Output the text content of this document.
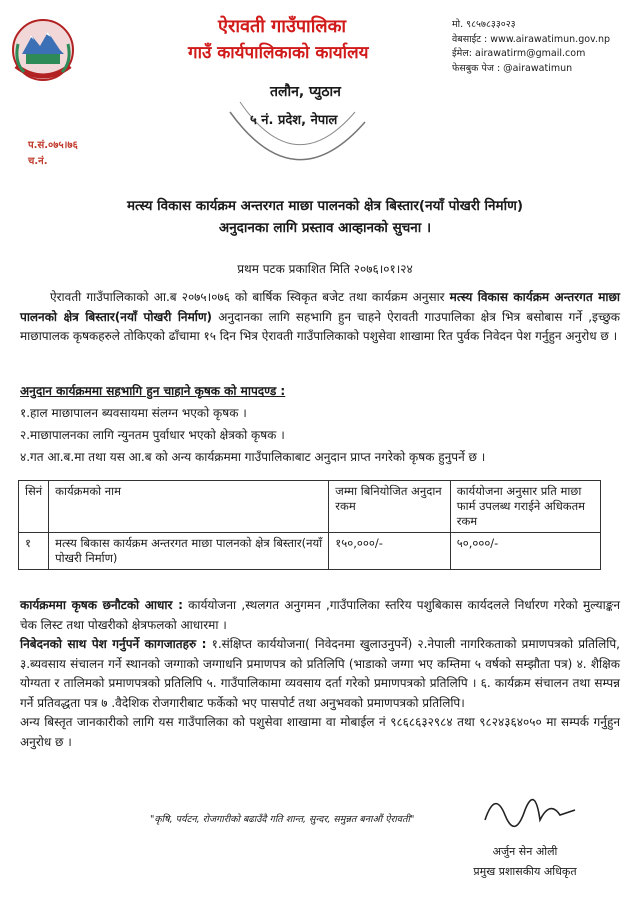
ऐरावती गाउँपालिका
गाउँ कार्यपालिकाको कार्यालय
तलौन, प्युठान
५ नं. प्रदेश, नेपाल
मो. ९८५७८३३०२३
वेबसाईट : www.airawatimun.gov.np
ईमेल: airawatirm@gmail.com
फेसबुक पेज : @airawatimun
प.सं.०७५।७६
च.नं.
मत्स्य विकास कार्यक्रम अन्तरगत माछा पालनको क्षेत्र बिस्तार(नयाँ पोखरी निर्माण)
अनुदानका लागि प्रस्ताव आव्हानको सुचना ।
प्रथम पटक प्रकाशित मिति २०७६।०१।२४
ऐरावती गाउँपालिकाको आ.ब २०७५।०७६ को बार्षिक स्विकृत बजेट तथा कार्यक्रम अनुसार मत्स्य विकास कार्यक्रम अन्तरगत माछा पालनको क्षेत्र बिस्तार(नयाँ पोखरी निर्माण) अनुदानका लागि सहभागि हुन चाहने ऐरावती गाउपालिका क्षेत्र भित्र बसोबास गर्ने ,इच्छुक माछापालक कृषकहरुले तोकिएको ढाँचामा १५ दिन भित्र ऐरावती गाउँपालिकाको पशुसेवा शाखामा रित पुर्वक निवेदन पेश गर्नुहुन अनुरोध छ ।
अनुदान कार्यक्रममा सहभागि हुन चाहाने कृषक को मापदण्ड :
१.हाल माछापालन ब्यवसायमा संलग्न भएको कृषक ।
२.माछापालनका लागि न्युनतम पुर्वाधार भएको क्षेत्रको कृषक ।
४.गत आ.ब.मा तथा यस आ.ब को अन्य कार्यक्रममा गाउँपालिकाबाट अनुदान प्राप्त नगरेको कृषक हुनुपर्ने छ ।
सिनं	कार्यक्रमको नाम	जम्मा बिनियोजित अनुदान रकम	कार्ययोजना अनुसार प्रति माछा फार्म उपलब्ध गराईने अधिकतम रकम
१	मत्स्य बिकास कार्यक्रम अन्तरगत माछा पालनको क्षेत्र बिस्तार(नयाँ पोखरी निर्माण)	१५०,०००/-	५०,०००/-
कार्यक्रममा कृषक छनौटको आधार : कार्ययोजना ,स्थलगत अनुगमन ,गाउँपालिका स्तरिय पशुबिकास कार्यदलले निर्धारण गरेको मुल्याङ्कन चेक लिस्ट तथा पोखरीको क्षेत्रफलको आधारमा ।
निबेदनको साथ पेश गर्नुपर्ने कागजातहरु : १.संक्षिप्त कार्ययोजना( निवेदनमा खुलाउनुपर्ने) २.नेपाली नागरिकताको प्रमाणपत्रको प्रतिलिपि, ३.ब्यवसाय संचालन गर्ने स्थानको जग्गाको जग्गाधनि प्रमाणपत्र को प्रतिलिपि (भाडाको जग्गा भए कम्तिमा ५ वर्षको सम्झौता पत्र) ४. शैक्षिक योग्यता र तालिमको प्रमाणपत्रको प्रतिलिपि ५. गाउँपालिकामा व्यवसाय दर्ता गरेको प्रमाणपत्रको प्रतिलिपि । ६. कार्यक्रम संचालन तथा सम्पन्न गर्ने प्रतिवद्धता पत्र ७ .वैदेशिक रोजगारीबाट फर्केको भए पासपोर्ट तथा अनुभवको प्रमाणपत्रको प्रतिलिपि।
अन्य बिस्तृत जानकारीको लागि यस गाउँपालिका को पशुसेवा शाखामा वा मोबाईल नं ९८६८६३२९८४ तथा ९८२४३६४०५० मा सम्पर्क गर्नुहुन अनुरोध छ ।
"कृषि, पर्यटन, रोजगारीको बढाउँदै गति शान्त, सुन्दर, समुन्नत बनाऔं ऐरावती"
अर्जुन सेन ओली
प्रमुख प्रशासकीय अधिकृत
